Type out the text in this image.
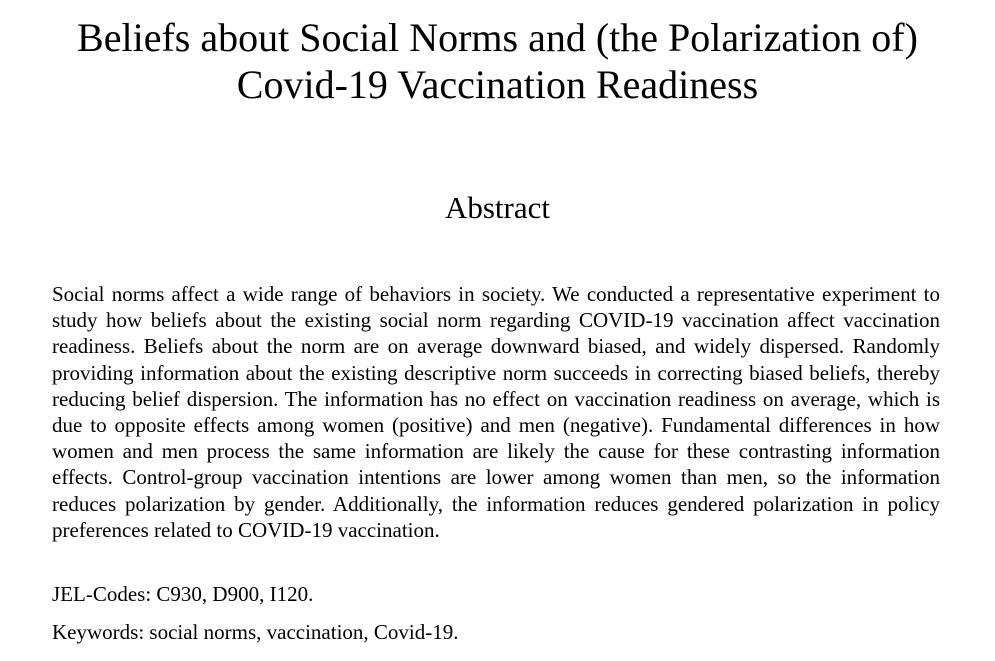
Beliefs about Social Norms and (the Polarization of)
Covid-19 Vaccination Readiness
Abstract

Social norms affect a wide range of behaviors in society. We conducted a representative experiment to study how beliefs about the existing social norm regarding COVID-19 vaccination affect vaccination readiness. Beliefs about the norm are on average downward biased, and widely dispersed. Randomly providing information about the existing descriptive norm succeeds in correcting biased beliefs, thereby reducing belief dispersion. The information has no effect on vaccination readiness on average, which is due to opposite effects among women (positive) and men (negative). Fundamental differences in how women and men process the same information are likely the cause for these contrasting information effects. Control-group vaccination intentions are lower among women than men, so the information reduces polarization by gender. Additionally, the information reduces gendered polarization in policy preferences related to COVID-19 vaccination.

JEL-Codes: C930, D900, I120.

Keywords: social norms, vaccination, Covid-19.
